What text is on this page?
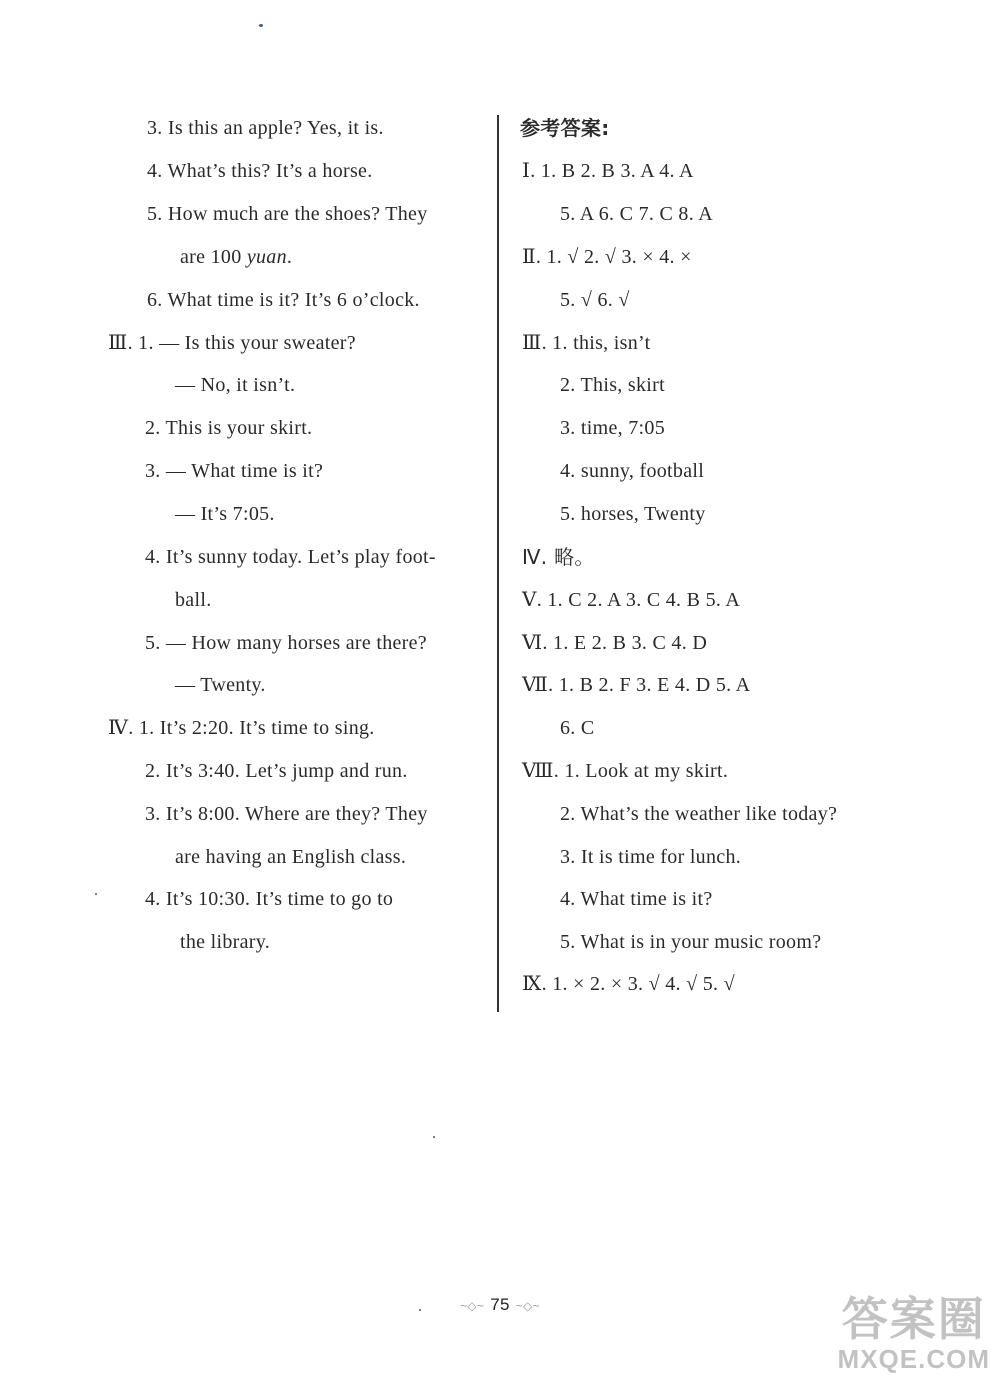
3. Is this an apple? Yes, it is.
4. What’s this? It’s a horse.
5. How much are the shoes? They
are 100 yuan.
6. What time is it? It’s 6 o’clock.
Ⅲ. 1. — Is this your sweater?
— No, it isn’t.
2. This is your skirt.
3. — What time is it?
— It’s 7:05.
4. It’s sunny today. Let’s play foot-
ball.
5. — How many horses are there?
— Twenty.
Ⅳ. 1. It’s 2:20. It’s time to sing.
2. It’s 3:40. Let’s jump and run.
3. It’s 8:00. Where are they? They
are having an English class.
4. It’s 10:30. It’s time to go to
the library.
参考答案:
Ⅰ. 1. B 2. B 3. A 4. A
5. A 6. C 7. C 8. A
Ⅱ. 1. √ 2. √ 3. × 4. ×
5. √ 6. √
Ⅲ. 1. this, isn’t
2. This, skirt
3. time, 7:05
4. sunny, football
5. horses, Twenty
Ⅳ. 略。
Ⅴ. 1. C 2. A 3. C 4. B 5. A
Ⅵ. 1. E 2. B 3. C 4. D
Ⅶ. 1. B 2. F 3. E 4. D 5. A
6. C
Ⅷ. 1. Look at my skirt.
2. What’s the weather like today?
3. It is time for lunch.
4. What time is it?
5. What is in your music room?
Ⅸ. 1. × 2. × 3. √ 4. √ 5. √
~◇~ 75 ~◇~	答案圈
MXQE.COM
